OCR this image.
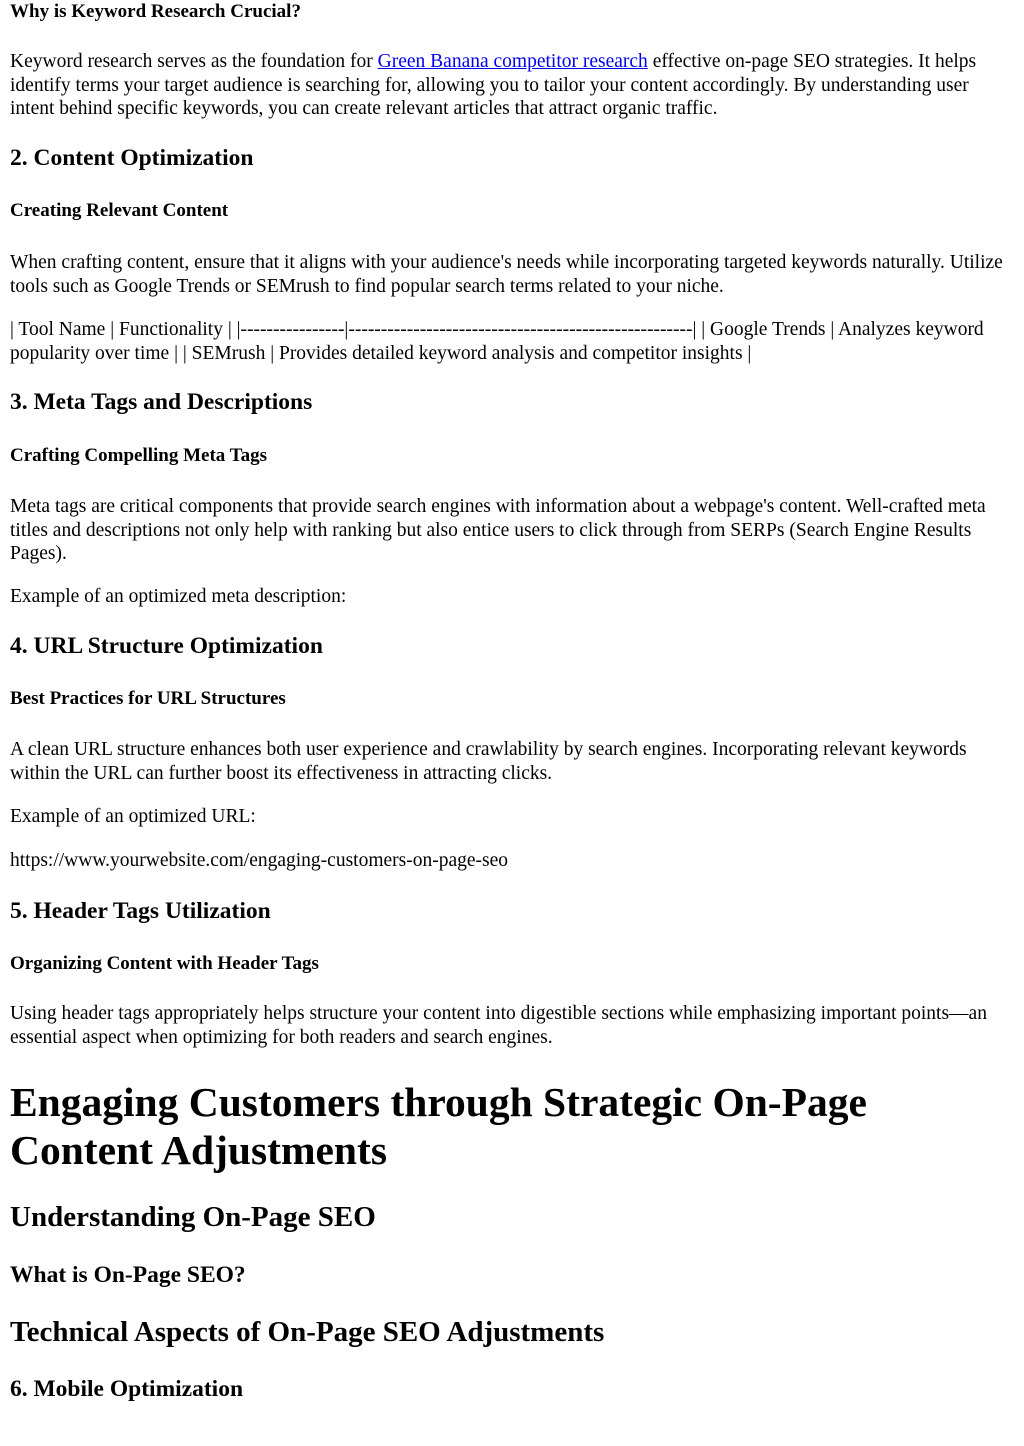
Why is Keyword Research Crucial?
Keyword research serves as the foundation for Green Banana competitor research effective on-page SEO strategies. It helps identify terms your target audience is searching for, allowing you to tailor your content accordingly. By understanding user intent behind specific keywords, you can create relevant articles that attract organic traffic.
2. Content Optimization
Creating Relevant Content
When crafting content, ensure that it aligns with your audience's needs while incorporating targeted keywords naturally. Utilize tools such as Google Trends or SEMrush to find popular search terms related to your niche.
| Tool Name | Functionality | |----------------|-----------------------------------------------------| | Google Trends | Analyzes keyword popularity over time | | SEMrush | Provides detailed keyword analysis and competitor insights |
3. Meta Tags and Descriptions
Crafting Compelling Meta Tags
Meta tags are critical components that provide search engines with information about a webpage's content. Well-crafted meta titles and descriptions not only help with ranking but also entice users to click through from SERPs (Search Engine Results Pages).
Example of an optimized meta description:
4. URL Structure Optimization
Best Practices for URL Structures
A clean URL structure enhances both user experience and crawlability by search engines. Incorporating relevant keywords within the URL can further boost its effectiveness in attracting clicks.
Example of an optimized URL:
https://www.yourwebsite.com/engaging-customers-on-page-seo
5. Header Tags Utilization
Organizing Content with Header Tags
Using header tags appropriately helps structure your content into digestible sections while emphasizing important points—an essential aspect when optimizing for both readers and search engines.
Engaging Customers through Strategic On-Page Content Adjustments
Understanding On-Page SEO
What is On-Page SEO?
Technical Aspects of On-Page SEO Adjustments
6. Mobile Optimization
